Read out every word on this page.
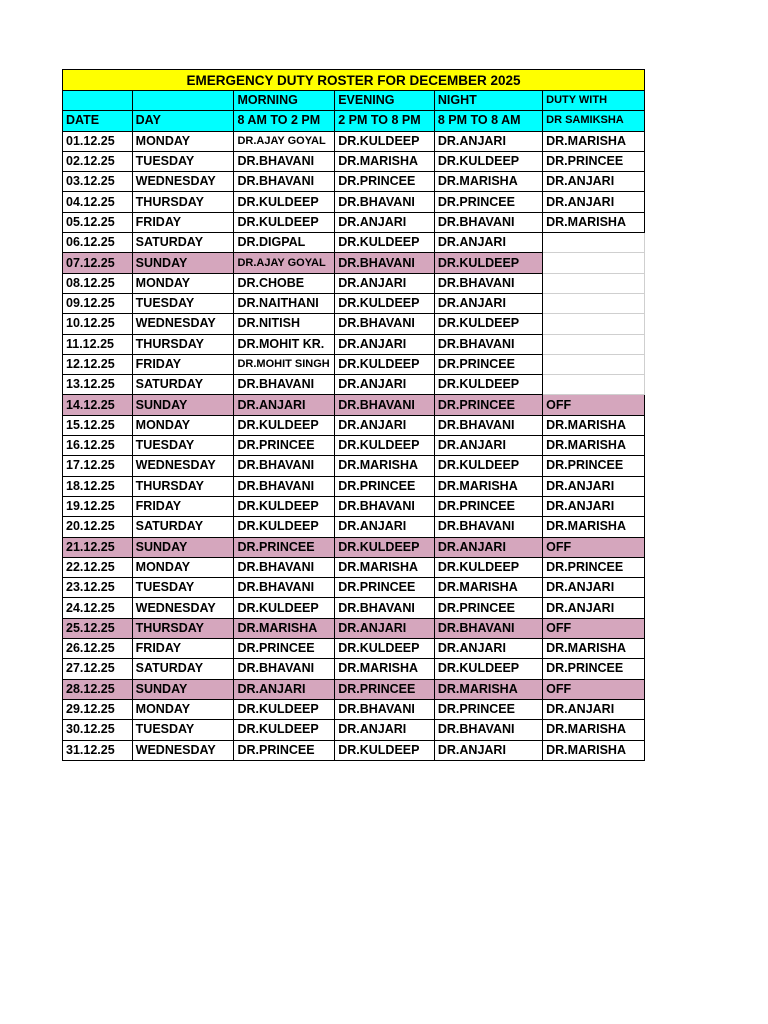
EMERGENCY DUTY ROSTER FOR DECEMBER 2025					
		MORNING	EVENING	NIGHT	DUTY WITH
DATE	DAY	8 AM TO 2 PM	2 PM TO 8 PM	8 PM TO 8 AM	DR SAMIKSHA
01.12.25	MONDAY	DR.AJAY GOYAL	DR.KULDEEP	DR.ANJARI	DR.MARISHA
02.12.25	TUESDAY	DR.BHAVANI	DR.MARISHA	DR.KULDEEP	DR.PRINCEE
03.12.25	WEDNESDAY	DR.BHAVANI	DR.PRINCEE	DR.MARISHA	DR.ANJARI
04.12.25	THURSDAY	DR.KULDEEP	DR.BHAVANI	DR.PRINCEE	DR.ANJARI
05.12.25	FRIDAY	DR.KULDEEP	DR.ANJARI	DR.BHAVANI	DR.MARISHA
06.12.25	SATURDAY	DR.DIGPAL	DR.KULDEEP	DR.ANJARI	
07.12.25	SUNDAY	DR.AJAY GOYAL	DR.BHAVANI	DR.KULDEEP	
08.12.25	MONDAY	DR.CHOBE	DR.ANJARI	DR.BHAVANI	
09.12.25	TUESDAY	DR.NAITHANI	DR.KULDEEP	DR.ANJARI	
10.12.25	WEDNESDAY	DR.NITISH	DR.BHAVANI	DR.KULDEEP	
11.12.25	THURSDAY	DR.MOHIT KR.	DR.ANJARI	DR.BHAVANI	
12.12.25	FRIDAY	DR.MOHIT SINGH	DR.KULDEEP	DR.PRINCEE	
13.12.25	SATURDAY	DR.BHAVANI	DR.ANJARI	DR.KULDEEP	
14.12.25	SUNDAY	DR.ANJARI	DR.BHAVANI	DR.PRINCEE	OFF
15.12.25	MONDAY	DR.KULDEEP	DR.ANJARI	DR.BHAVANI	DR.MARISHA
16.12.25	TUESDAY	DR.PRINCEE	DR.KULDEEP	DR.ANJARI	DR.MARISHA
17.12.25	WEDNESDAY	DR.BHAVANI	DR.MARISHA	DR.KULDEEP	DR.PRINCEE
18.12.25	THURSDAY	DR.BHAVANI	DR.PRINCEE	DR.MARISHA	DR.ANJARI
19.12.25	FRIDAY	DR.KULDEEP	DR.BHAVANI	DR.PRINCEE	DR.ANJARI
20.12.25	SATURDAY	DR.KULDEEP	DR.ANJARI	DR.BHAVANI	DR.MARISHA
21.12.25	SUNDAY	DR.PRINCEE	DR.KULDEEP	DR.ANJARI	OFF
22.12.25	MONDAY	DR.BHAVANI	DR.MARISHA	DR.KULDEEP	DR.PRINCEE
23.12.25	TUESDAY	DR.BHAVANI	DR.PRINCEE	DR.MARISHA	DR.ANJARI
24.12.25	WEDNESDAY	DR.KULDEEP	DR.BHAVANI	DR.PRINCEE	DR.ANJARI
25.12.25	THURSDAY	DR.MARISHA	DR.ANJARI	DR.BHAVANI	OFF
26.12.25	FRIDAY	DR.PRINCEE	DR.KULDEEP	DR.ANJARI	DR.MARISHA
27.12.25	SATURDAY	DR.BHAVANI	DR.MARISHA	DR.KULDEEP	DR.PRINCEE
28.12.25	SUNDAY	DR.ANJARI	DR.PRINCEE	DR.MARISHA	OFF
29.12.25	MONDAY	DR.KULDEEP	DR.BHAVANI	DR.PRINCEE	DR.ANJARI
30.12.25	TUESDAY	DR.KULDEEP	DR.ANJARI	DR.BHAVANI	DR.MARISHA
31.12.25	WEDNESDAY	DR.PRINCEE	DR.KULDEEP	DR.ANJARI	DR.MARISHA
